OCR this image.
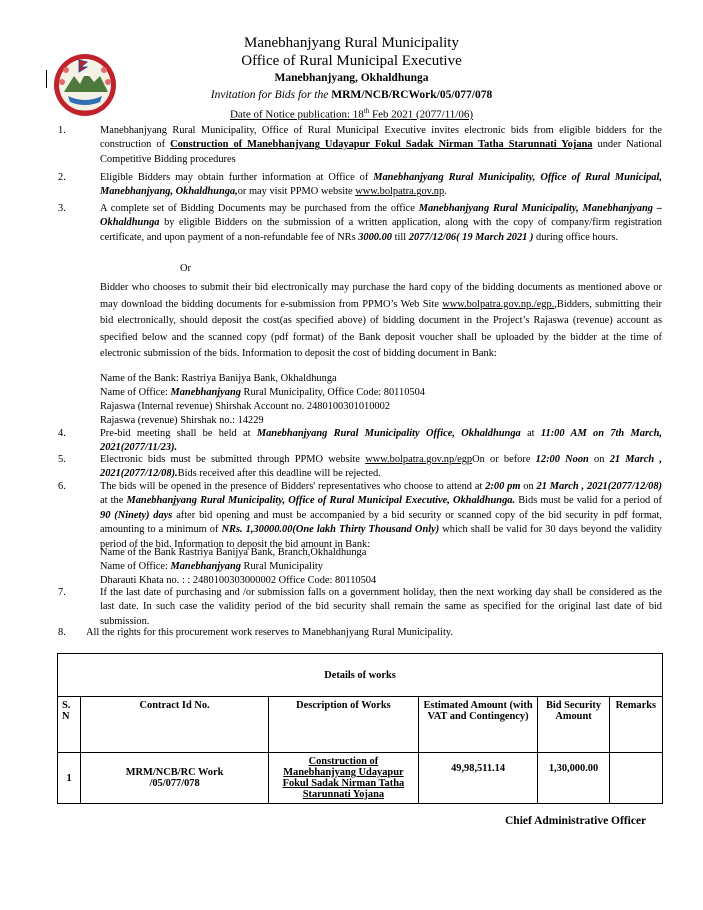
Manebhanjyang Rural Municipality
Office of Rural Municipal Executive
Manebhanjyang, Okhaldhunga
Invitation for Bids for the MRM/NCB/RCWork/05/077/078
Date of Notice publication: 18th Feb 2021 (2077/11/06)
1.	Manebhanjyang Rural Municipality, Office of Rural Municipal Executive invites electronic bids from eligible bidders for the construction of Construction of Manebhanjyang Udayapur Fokul Sadak Nirman Tatha Starunnati Yojana under National Competitive Bidding procedures
2.	Eligible Bidders may obtain further information at Office of Manebhanjyang Rural Municipality, Office of Rural Municipal, Manebhanjyang, Okhaldhunga,or may visit PPMO website www.bolpatra.gov.np.
3.	A complete set of Bidding Documents may be purchased from the office Manebhanjyang Rural Municipality, Manebhanjyang –Okhaldhunga by eligible Bidders on the submission of a written application, along with the copy of company/firm registration certificate, and upon payment of a non-refundable fee of NRs 3000.00 till 2077/12/06( 19 March 2021 ) during office hours.
Or
Bidder who chooses to submit their bid electronically may purchase the hard copy of the bidding documents as mentioned above or may download the bidding documents for e-submission from PPMO’s Web Site www.bolpatra.gov.np./egp.,Bidders, submitting their bid electronically, should deposit the cost(as specified above) of bidding document in the Project’s Rajaswa (revenue) account as specified below and the scanned copy (pdf format) of the Bank deposit voucher shall be uploaded by the bidder at the time of electronic submission of the bids. Information to deposit the cost of bidding document in Bank:
Name of the Bank: Rastriya Banijya Bank, Okhaldhunga
Name of Office: Manebhanjyang Rural Municipality, Office Code: 80110504
Rajaswa (Internal revenue) Shirshak Account no. 2480100301010002
Rajaswa (revenue) Shirshak no.: 14229
4.	Pre-bid meeting shall be held at Manebhanjyang Rural Municipality Office, Okhaldhunga at 11:00 AM on 7th March, 2021(2077/11/23).
5.	Electronic bids must be submitted through PPMO website www.bolpatra.gov.np/egpOn or before 12:00 Noon on 21 March , 2021(2077/12/08).Bids received after this deadline will be rejected.
6.	The bids will be opened in the presence of Bidders' representatives who choose to attend at 2:00 pm on 21 March , 2021(2077/12/08) at the Manebhanjyang Rural Municipality, Office of Rural Municipal Executive, Okhaldhunga. Bids must be valid for a period of 90 (Ninety) days after bid opening and must be accompanied by a bid security or scanned copy of the bid security in pdf format, amounting to a minimum of NRs. 1,30000.00(One lakh Thirty Thousand Only) which shall be valid for 30 days beyond the validity period of the bid. Information to deposit the bid amount in Bank:
Name of the Bank Rastriya Banijya Bank, Branch,Okhaldhunga
Name of Office: Manebhanjyang Rural Municipality
Dharauti Khata no. : : 2480100303000002 Office Code: 80110504
7.	If the last date of purchasing and /or submission falls on a government holiday, then the next working day shall be considered as the last date. In such case the validity period of the bid security shall remain the same as specified for the original last date of bid submission.
8.	All the rights for this procurement work reserves to Manebhanjyang Rural Municipality.
Details of works					
S. N	Contract Id No.	Description of Works	Estimated Amount (with VAT and Contingency)	Bid Security Amount	Remarks
1	MRM/NCB/RC Work /05/077/078	Construction of Manebhanjyang Udayapur Fokul Sadak Nirman Tatha Starunnati Yojana	49,98,511.14	1,30,000.00	
Chief Administrative Officer
